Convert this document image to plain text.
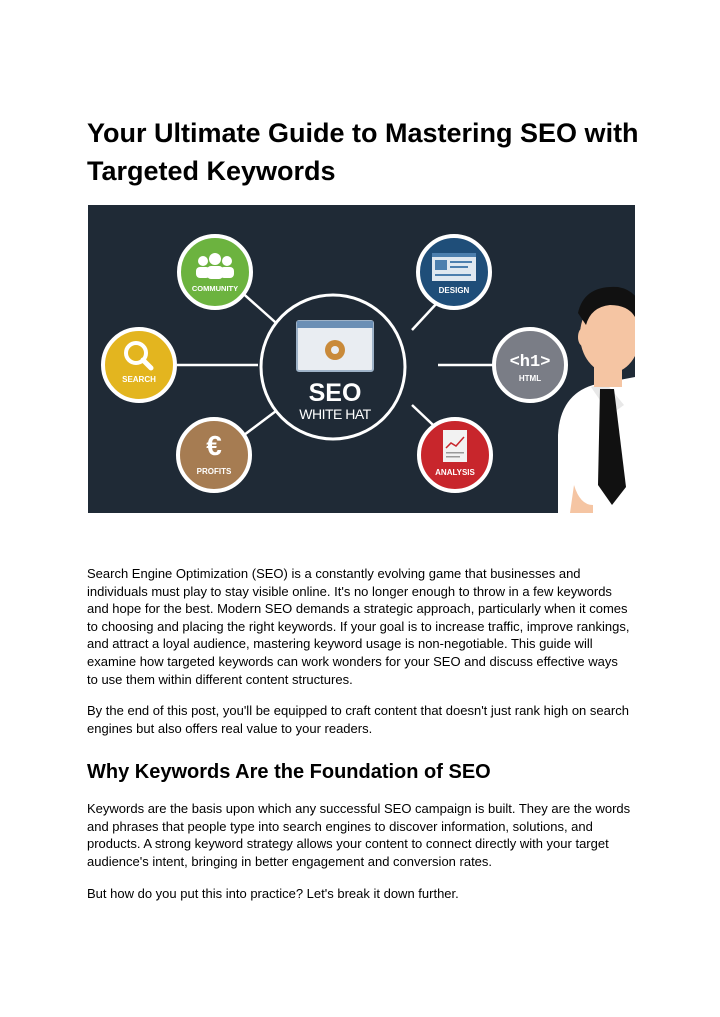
Your Ultimate Guide to Mastering SEO with Targeted Keywords
SEO
WHITE HAT
COMMUNITY	DESIGN
SEARCH
<h1>
HTML
€
PROFITS	ANALYSIS

Search Engine Optimization (SEO) is a constantly evolving game that businesses and individuals must play to stay visible online. It's no longer enough to throw in a few keywords and hope for the best. Modern SEO demands a strategic approach, particularly when it comes to choosing and placing the right keywords. If your goal is to increase traffic, improve rankings, and attract a loyal audience, mastering keyword usage is non-negotiable. This guide will examine how targeted keywords can work wonders for your SEO and discuss effective ways to use them within different content structures.

By the end of this post, you'll be equipped to craft content that doesn't just rank high on search engines but also offers real value to your readers.

Why Keywords Are the Foundation of SEO

Keywords are the basis upon which any successful SEO campaign is built. They are the words and phrases that people type into search engines to discover information, solutions, and products. A strong keyword strategy allows your content to connect directly with your target audience's intent, bringing in better engagement and conversion rates.

But how do you put this into practice? Let's break it down further.
